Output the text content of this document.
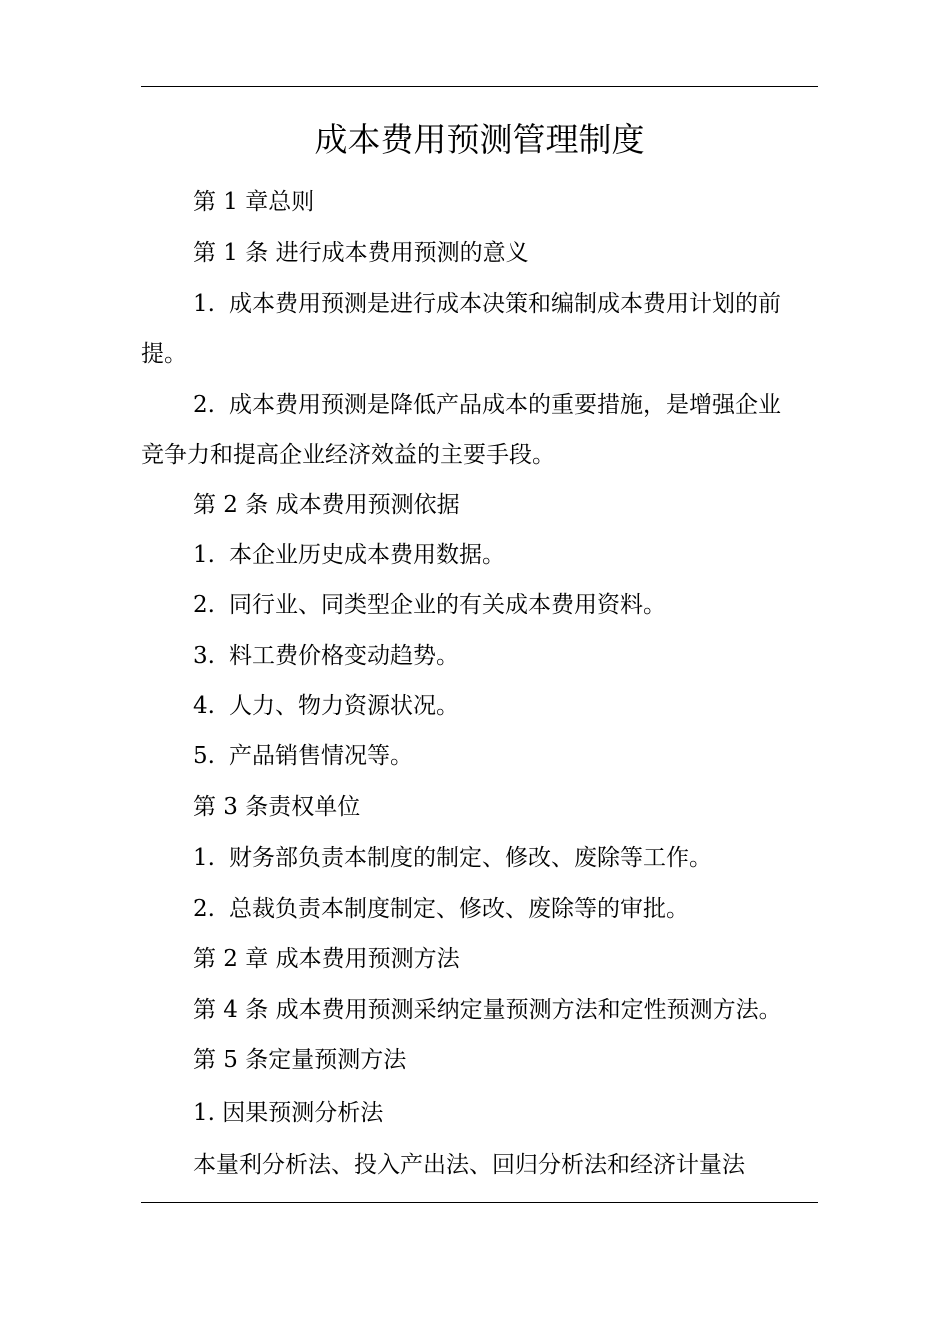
成本费用预测管理制度
第 1 章总则
第 1 条 进行成本费用预测的意义
1. 成本费用预测是进行成本决策和编制成本费用计划的前
提。
2. 成本费用预测是降低产品成本的重要措施，是增强企业
竞争力和提高企业经济效益的主要手段。
第 2 条 成本费用预测依据
1. 本企业历史成本费用数据。
2. 同行业、同类型企业的有关成本费用资料。
3. 料工费价格变动趋势。
4. 人力、物力资源状况。
5. 产品销售情况等。
第 3 条责权单位
1. 财务部负责本制度的制定、修改、废除等工作。
2. 总裁负责本制度制定、修改、废除等的审批。
第 2 章 成本费用预测方法
第 4 条 成本费用预测采纳定量预测方法和定性预测方法。
第 5 条定量预测方法
1. 因果预测分析法
本量利分析法、投入产出法、回归分析法和经济计量法
